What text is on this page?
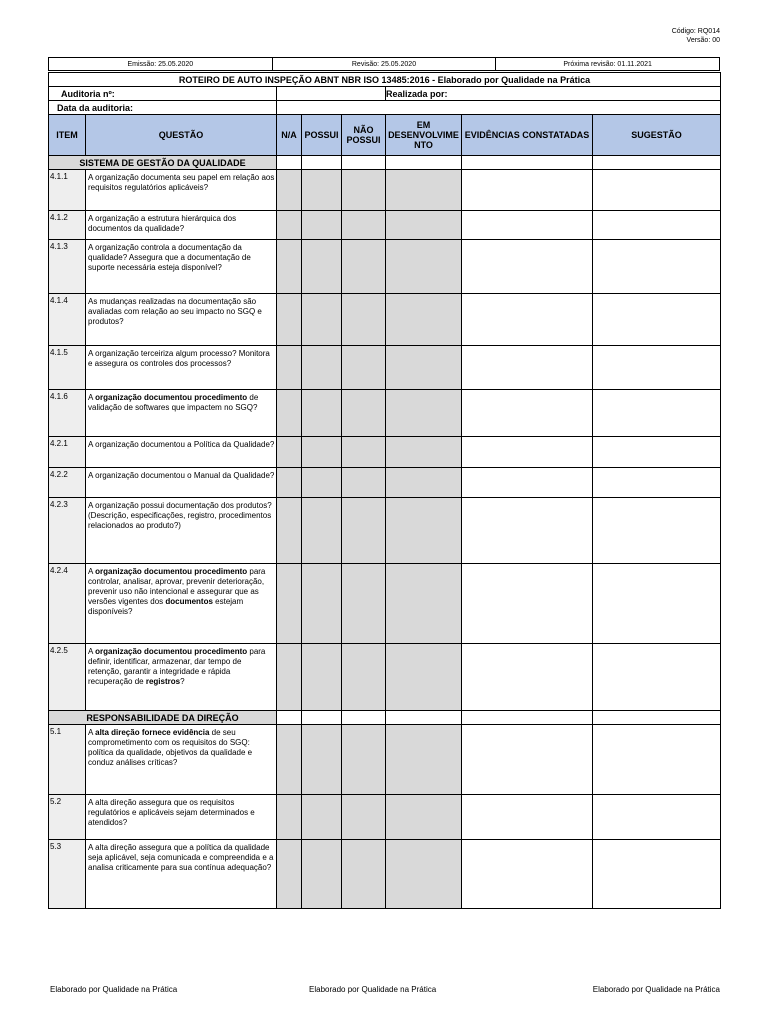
Código: RQ014
Versão: 00
Emissão: 25.05.2020	Revisão: 25.05.2020	Próxima revisão: 01.11.2021
ROTEIRO DE AUTO INSPEÇÃO ABNT NBR ISO 13485:2016 - Elaborado por Qualidade na Prática							
Auditoria nº:					Realizada por:		
Data da auditoria:							
ITEM	QUESTÃO	N/A	POSSUI	NÃO POSSUI	EM DESENVOLVIME NTO	EVIDÊNCIAS CONSTATADAS	SUGESTÃO
SISTEMA DE GESTÃO DA QUALIDADE							
4.1.1	A organização documenta seu papel em relação aos requisitos regulatórios aplicáveis?						
4.1.2	A organização a estrutura hierárquica dos documentos da qualidade?						
4.1.3	A organização controla a documentação da qualidade? Assegura que a documentação de suporte necessária esteja disponível?						
4.1.4	As mudanças realizadas na documentação são avaliadas com relação ao seu impacto no SGQ e produtos?						
4.1.5	A organização terceiriza algum processo? Monitora e assegura os controles dos processos?						
4.1.6	A organização documentou procedimento de validação de softwares que impactem no SGQ?						
4.2.1	A organização documentou a Política da Qualidade?						
4.2.2	A organização documentou o Manual da Qualidade?						
4.2.3	A organização possui documentação dos produtos? (Descrição, especificações, registro, procedimentos relacionados ao produto?)						
4.2.4	A organização documentou procedimento para controlar, analisar, aprovar, prevenir deterioração, prevenir uso não intencional e assegurar que as versões vigentes dos documentos estejam disponíveis?						
4.2.5	A organização documentou procedimento para definir, identificar, armazenar, dar tempo de retenção, garantir a integridade e rápida recuperação de registros?						
RESPONSABILIDADE DA DIREÇÃO							
5.1	A alta direção fornece evidência de seu comprometimento com os requisitos do SGQ: política da qualidade, objetivos da qualidade e conduz análises críticas?						
5.2	A alta direção assegura que os requisitos regulatórios e aplicáveis sejam determinados e atendidos?						
5.3	A alta direção assegura que a política da qualidade seja aplicável, seja comunicada e compreendida e a analisa criticamente para sua contínua adequação?						
Elaborado por Qualidade na Prática	Elaborado por Qualidade na Prática	Elaborado por Qualidade na Prática
